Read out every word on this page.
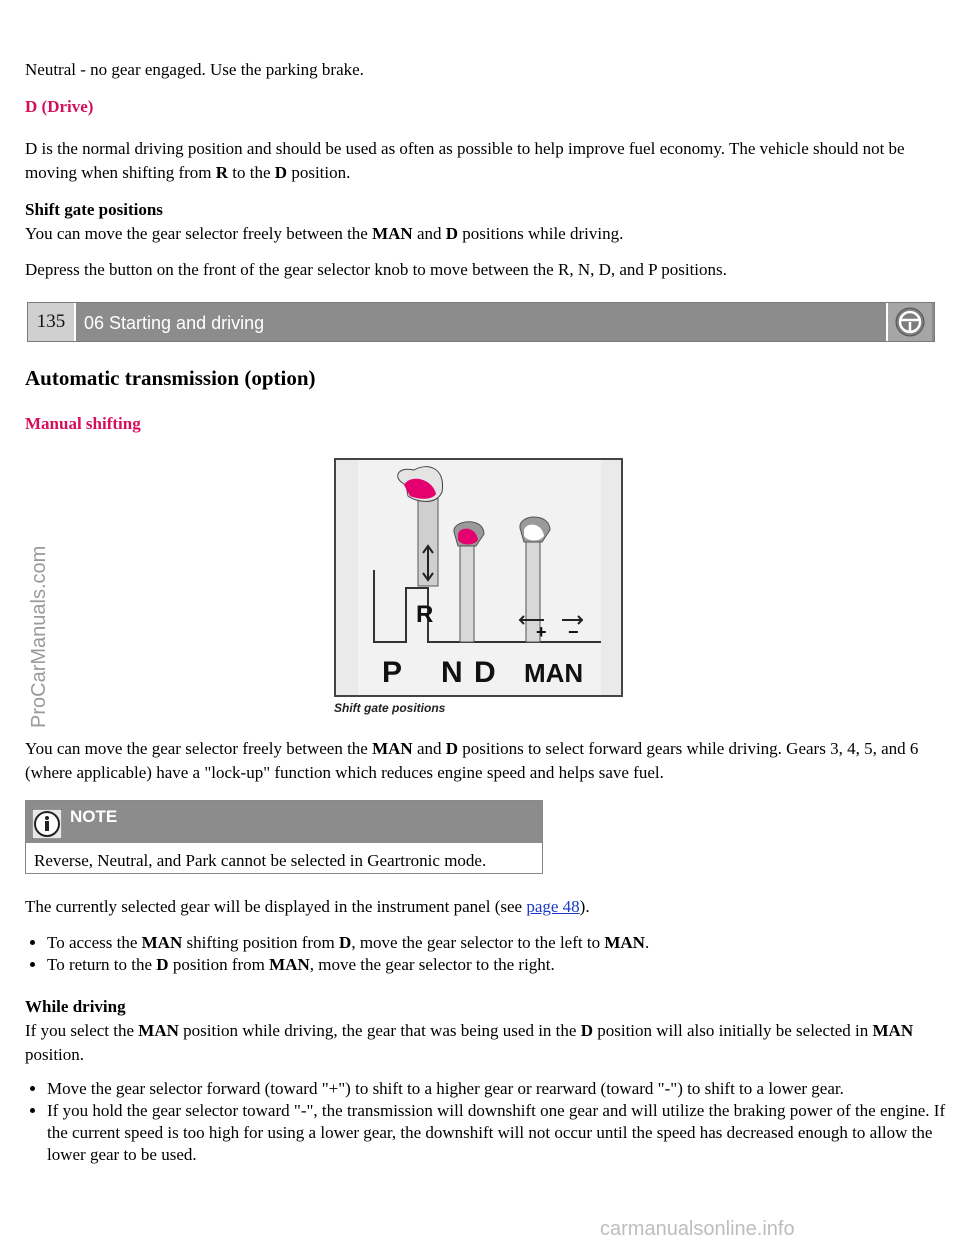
Neutral - no gear engaged. Use the parking brake.

D (Drive)

D is the normal driving position and should be used as often as possible to help improve fuel economy. The vehicle should not be moving when shifting from R to the D position.

Shift gate positions
You can move the gear selector freely between the MAN and D positions while driving.

Depress the button on the front of the gear selector knob to move between the R, N, D, and P positions.

135	06 Starting and driving
Automatic transmission (option)

Manual shifting

R
+ −
P N D MAN
Shift gate positions

You can move the gear selector freely between the MAN and D positions to select forward gears while driving. Gears 3, 4, 5, and 6 (where applicable) have a "lock-up" function which reduces engine speed and helps save fuel.

NOTE
Reverse, Neutral, and Park cannot be selected in Geartronic mode.

The currently selected gear will be displayed in the instrument panel (see page 48).

• To access the MAN shifting position from D, move the gear selector to the left to MAN.
• To return to the D position from MAN, move the gear selector to the right.

While driving
If you select the MAN position while driving, the gear that was being used in the D position will also initially be selected in MAN position.

• Move the gear selector forward (toward "+") to shift to a higher gear or rearward (toward "-") to shift to a lower gear.
• If you hold the gear selector toward "-", the transmission will downshift one gear and will utilize the braking power of the engine. If the current speed is too high for using a lower gear, the downshift will not occur until the speed has decreased enough to allow the lower gear to be used.
ProCarManuals.com
carmanualsonline.info
